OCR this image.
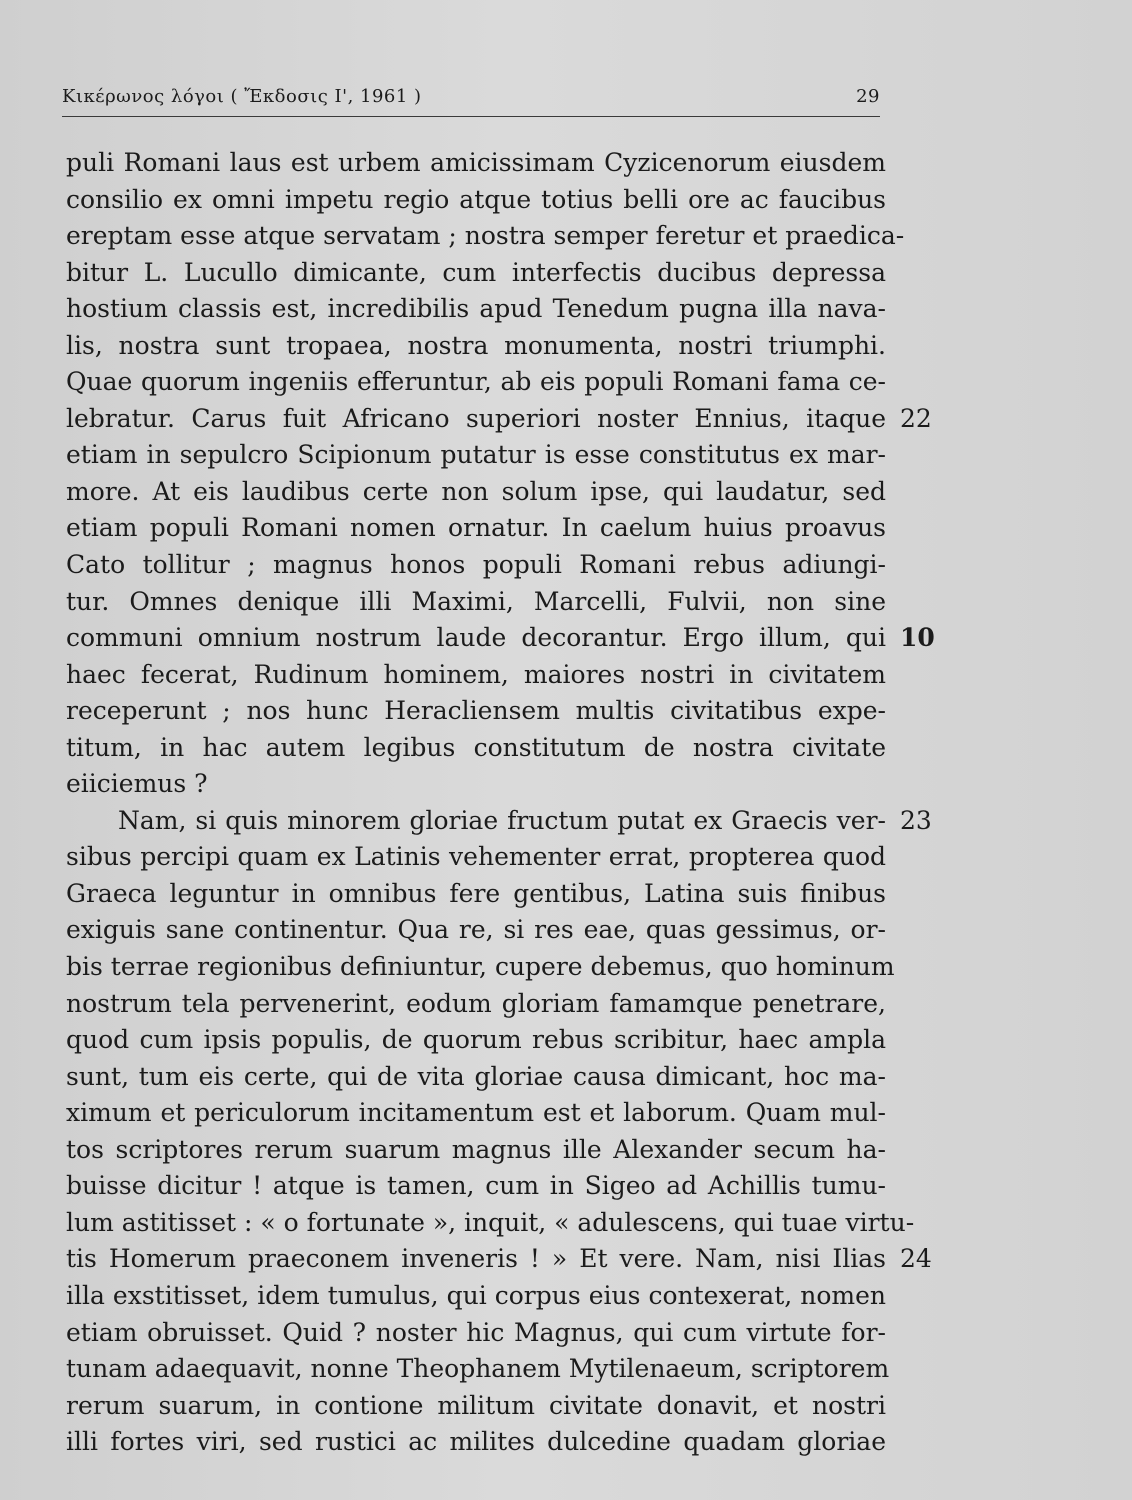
Κικέρωνος λόγοι ( Ἔκδοσις Ι', 1961 )	29
puli Romani laus est urbem amicissimam Cyzicenorum eiusdem
consilio ex omni impetu regio atque totius belli ore ac faucibus
ereptam esse atque servatam ; nostra semper feretur et praedica-
bitur L. Lucullo dimicante, cum interfectis ducibus depressa
hostium classis est, incredibilis apud Tenedum pugna illa nava-
lis, nostra sunt tropaea, nostra monumenta, nostri triumphi.
Quae quorum ingeniis efferuntur, ab eis populi Romani fama ce-
lebratur. Carus fuit Africano superiori noster Ennius, itaque 22
etiam in sepulcro Scipionum putatur is esse constitutus ex mar-
more. At eis laudibus certe non solum ipse, qui laudatur, sed
etiam populi Romani nomen ornatur. In caelum huius proavus
Cato tollitur ; magnus honos populi Romani rebus adiungi-
tur. Omnes denique illi Maximi, Marcelli, Fulvii, non sine
communi omnium nostrum laude decorantur. Ergo illum, qui 10
haec fecerat, Rudinum hominem, maiores nostri in civitatem
receperunt ; nos hunc Heracliensem multis civitatibus expe-
titum, in hac autem legibus constitutum de nostra civitate
eiiciemus ?
Nam, si quis minorem gloriae fructum putat ex Graecis ver- 23
sibus percipi quam ex Latinis vehementer errat, propterea quod
Graeca leguntur in omnibus fere gentibus, Latina suis finibus
exiguis sane continentur. Qua re, si res eae, quas gessimus, or-
bis terrae regionibus definiuntur, cupere debemus, quo hominum
nostrum tela pervenerint, eodum gloriam famamque penetrare,
quod cum ipsis populis, de quorum rebus scribitur, haec ampla
sunt, tum eis certe, qui de vita gloriae causa dimicant, hoc ma-
ximum et periculorum incitamentum est et laborum. Quam mul-
tos scriptores rerum suarum magnus ille Alexander secum ha-
buisse dicitur ! atque is tamen, cum in Sigeo ad Achillis tumu-
lum astitisset : « o fortunate », inquit, « adulescens, qui tuae virtu-
tis Homerum praeconem inveneris ! » Et vere. Nam, nisi Ilias 24
illa exstitisset, idem tumulus, qui corpus eius contexerat, nomen
etiam obruisset. Quid ? noster hic Magnus, qui cum virtute for-
tunam adaequavit, nonne Theophanem Mytilenaeum, scriptorem
rerum suarum, in contione militum civitate donavit, et nostri
illi fortes viri, sed rustici ac milites dulcedine quadam gloriae
